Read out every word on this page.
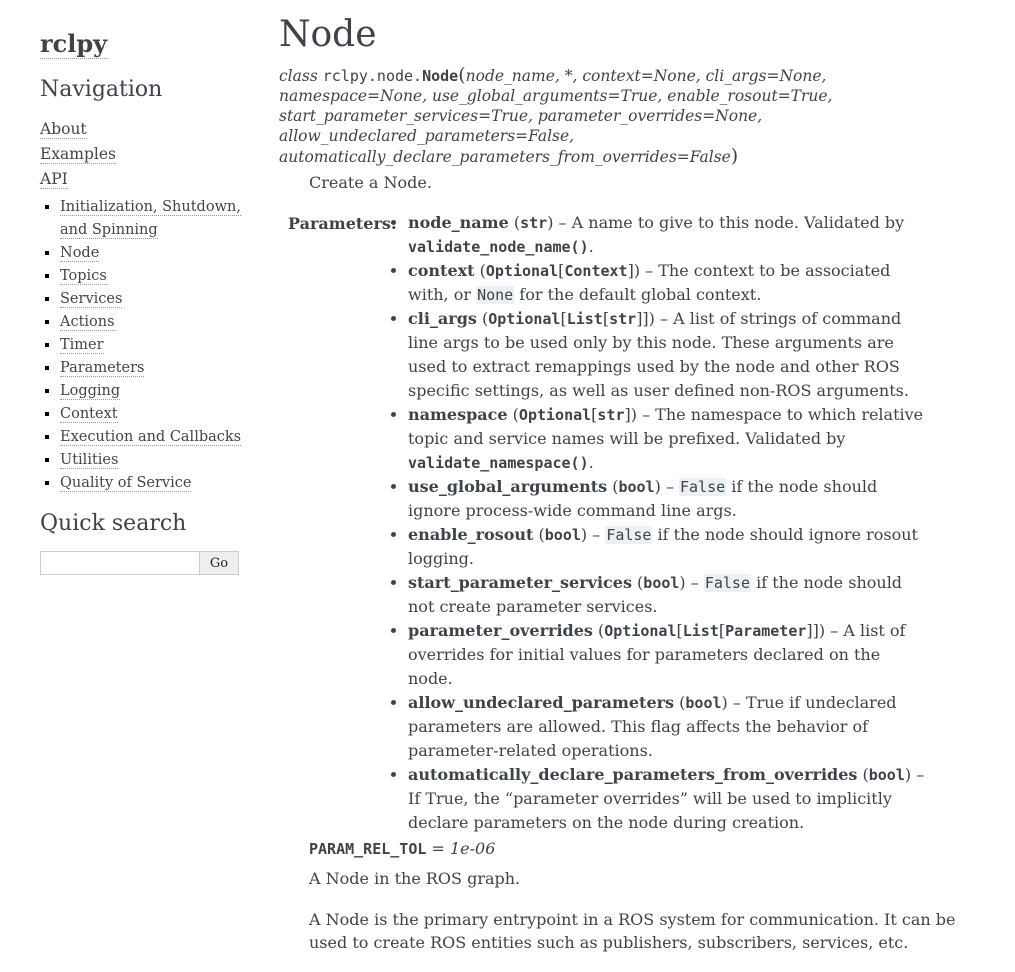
rclpy
Navigation
About
Examples
API
▪ Initialization, Shutdown, and Spinning
▪ Node
▪ Topics
▪ Services
▪ Actions
▪ Timer
▪ Parameters
▪ Logging
▪ Context
▪ Execution and Callbacks
▪ Utilities
▪ Quality of Service
Quick search
Go
Node
class rclpy.node.Node(node_name, *, context=None, cli_args=None, namespace=None, use_global_arguments=True, enable_rosout=True, start_parameter_services=True, parameter_overrides=None, allow_undeclared_parameters=False, automatically_declare_parameters_from_overrides=False)

Create a Node.

Parameters:
• node_name (str) – A name to give to this node. Validated by validate_node_name().
• context (Optional[Context]) – The context to be associated with, or None for the default global context.
• cli_args (Optional[List[str]]) – A list of strings of command line args to be used only by this node. These arguments are used to extract remappings used by the node and other ROS specific settings, as well as user defined non-ROS arguments.
• namespace (Optional[str]) – The namespace to which relative topic and service names will be prefixed. Validated by validate_namespace().
• use_global_arguments (bool) – False if the node should ignore process-wide command line args.
• enable_rosout (bool) – False if the node should ignore rosout logging.
• start_parameter_services (bool) – False if the node should not create parameter services.
• parameter_overrides (Optional[List[Parameter]]) – A list of overrides for initial values for parameters declared on the node.
• allow_undeclared_parameters (bool) – True if undeclared parameters are allowed. This flag affects the behavior of parameter-related operations.
• automatically_declare_parameters_from_overrides (bool) – If True, the “parameter overrides” will be used to implicitly declare parameters on the node during creation.
PARAM_REL_TOL = 1e-06

A Node in the ROS graph.

A Node is the primary entrypoint in a ROS system for communication. It can be used to create ROS entities such as publishers, subscribers, services, etc.
